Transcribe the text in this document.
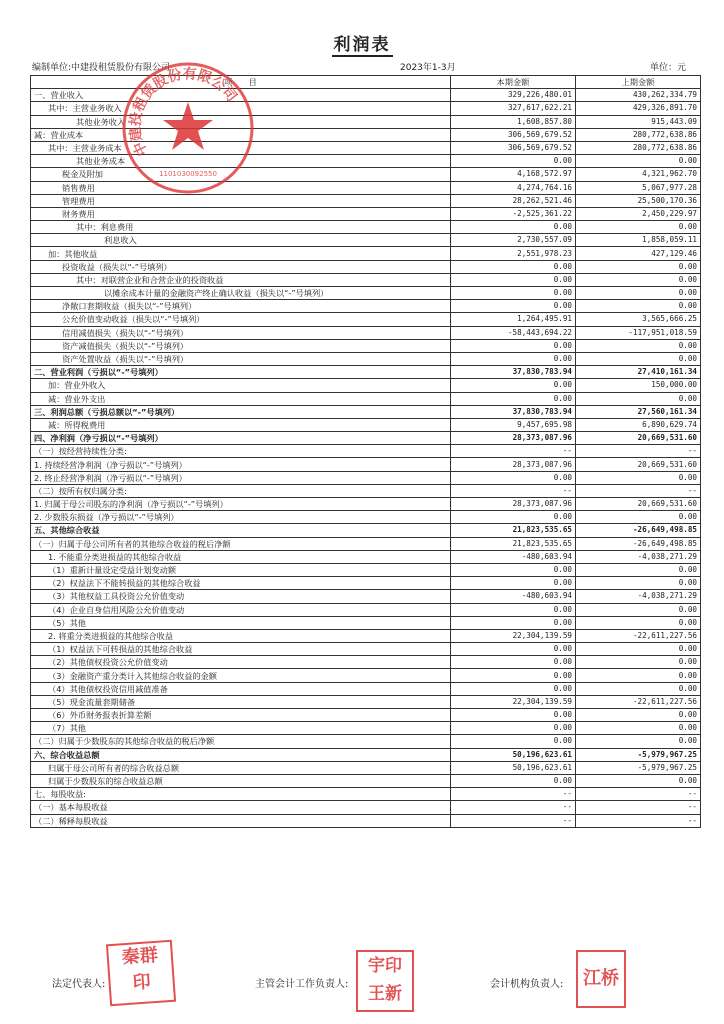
利润表
编制单位:中建投租赁股份有限公司	2023年1-3月	单位：元
项　　目	本期金额	上期金额
一、营业收入	329,226,480.01	430,262,334.79
其中：主营业务收入	327,617,622.21	429,326,891.70
其他业务收入	1,608,857.80	915,443.09
减：营业成本	306,569,679.52	280,772,638.86
其中：主营业务成本	306,569,679.52	280,772,638.86
其他业务成本	0.00	0.00
税金及附加	4,168,572.97	4,321,962.70
销售费用	4,274,764.16	5,067,977.28
管理费用	28,262,521.46	25,500,170.36
财务费用	-2,525,361.22	2,450,229.97
其中：利息费用	0.00	0.00
利息收入	2,730,557.09	1,858,059.11
加：其他收益	2,551,978.23	427,129.46
投资收益（损失以“-”号填列）	0.00	0.00
其中：对联营企业和合营企业的投资收益	0.00	0.00
以摊余成本计量的金融资产终止确认收益（损失以“-”号填列）	0.00	0.00
净敞口套期收益（损失以“-”号填列）	0.00	0.00
公允价值变动收益（损失以“-”号填列）	1,264,495.91	3,565,666.25
信用减值损失（损失以“-”号填列）	-58,443,694.22	-117,951,018.59
资产减值损失（损失以“-”号填列）	0.00	0.00
资产处置收益（损失以“-”号填列）	0.00	0.00
二、营业利润（亏损以“-”号填列）	37,830,783.94	27,410,161.34
加：营业外收入	0.00	150,000.00
减：营业外支出	0.00	0.00
三、利润总额（亏损总额以“-”号填列）	37,830,783.94	27,560,161.34
减：所得税费用	9,457,695.98	6,890,629.74
四、净利润（净亏损以“-”号填列）	28,373,087.96	20,669,531.60
（一）按经营持续性分类:	--	--
1. 持续经营净利润（净亏损以“-”号填列）	28,373,087.96	20,669,531.60
2. 终止经营净利润（净亏损以“-”号填列）	0.00	0.00
（二）按所有权归属分类:	--	--
1. 归属于母公司股东的净利润（净亏损以“-”号填列）	28,373,087.96	20,669,531.60
2. 少数股东损益（净亏损以“-”号填列）	0.00	0.00
五、其他综合收益	21,823,535.65	-26,649,498.85
（一）归属于母公司所有者的其他综合收益的税后净额	21,823,535.65	-26,649,498.85
1. 不能重分类进损益的其他综合收益	-480,603.94	-4,038,271.29
（1）重新计量设定受益计划变动额	0.00	0.00
（2）权益法下不能转损益的其他综合收益	0.00	0.00
（3）其他权益工具投资公允价值变动	-480,603.94	-4,038,271.29
（4）企业自身信用风险公允价值变动	0.00	0.00
（5）其他	0.00	0.00
2. 将重分类进损益的其他综合收益	22,304,139.59	-22,611,227.56
（1）权益法下可转损益的其他综合收益	0.00	0.00
（2）其他债权投资公允价值变动	0.00	0.00
（3）金融资产重分类计入其他综合收益的金额	0.00	0.00
（4）其他债权投资信用减值准备	0.00	0.00
（5）现金流量套期储备	22,304,139.59	-22,611,227.56
（6）外币财务报表折算差额	0.00	0.00
（7）其他	0.00	0.00
（二）归属于少数股东的其他综合收益的税后净额	0.00	0.00
六、综合收益总额	50,196,623.61	-5,979,967.25
归属于母公司所有者的综合收益总额	50,196,623.61	-5,979,967.25
归属于少数股东的综合收益总额	0.00	0.00
七、每股收益:	--	--
（一）基本每股收益	--	--
（二）稀释每股收益	--	--
中建投租赁股份有限公司
1101030092550
法定代表人:	主管会计工作负责人:	会计机构负责人:
秦群
印
宇印
王新
江桥
